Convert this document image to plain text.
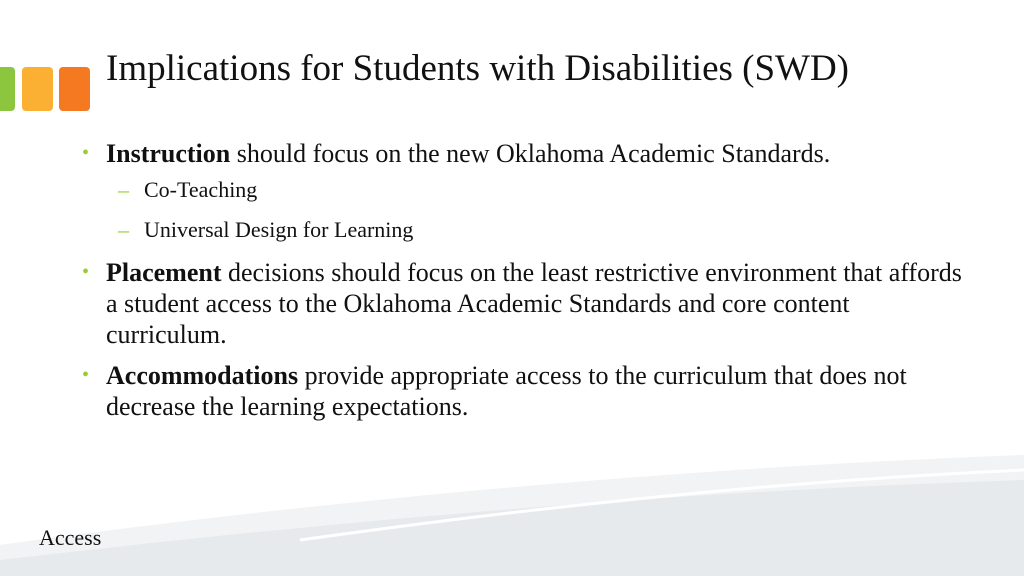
Implications for Students with Disabilities (SWD)
• Instruction should focus on the new Oklahoma Academic Standards.
– Co-Teaching
– Universal Design for Learning
• Placement decisions should focus on the least restrictive environment that affords a student access to the Oklahoma Academic Standards and core content curriculum.
• Accommodations provide appropriate access to the curriculum that does not decrease the learning expectations.
Access
